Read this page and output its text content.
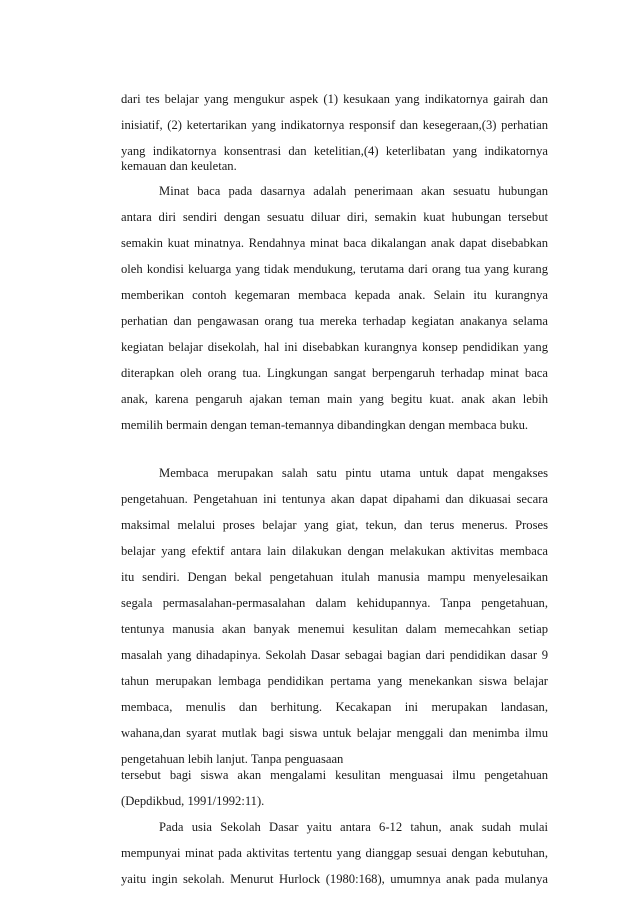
dari tes belajar yang mengukur aspek (1) kesukaan yang indikatornya gairah dan
inisiatif, (2) ketertarikan yang indikatornya responsif dan kesegeraan,(3) perhatian
yang indikatornya konsentrasi dan ketelitian,(4) keterlibatan yang indikatornya
kemauan dan keuletan.
Minat baca pada dasarnya adalah penerimaan akan sesuatu hubungan
antara diri sendiri dengan sesuatu diluar diri, semakin kuat hubungan tersebut
semakin kuat minatnya. Rendahnya minat baca dikalangan anak dapat disebabkan
oleh kondisi keluarga yang tidak mendukung, terutama dari orang tua yang kurang
memberikan contoh kegemaran membaca kepada anak. Selain itu kurangnya
perhatian dan pengawasan orang tua mereka terhadap kegiatan anakanya selama
kegiatan belajar disekolah, hal ini disebabkan kurangnya konsep pendidikan yang
diterapkan oleh orang tua. Lingkungan sangat berpengaruh terhadap minat baca
anak, karena pengaruh ajakan teman main yang begitu kuat. anak akan lebih
memilih bermain dengan teman-temannya dibandingkan dengan membaca buku.
Membaca merupakan salah satu pintu utama untuk dapat mengakses
pengetahuan. Pengetahuan ini tentunya akan dapat dipahami dan dikuasai secara
maksimal melalui proses belajar yang giat, tekun, dan terus menerus. Proses
belajar yang efektif antara lain dilakukan dengan melakukan aktivitas membaca
itu sendiri. Dengan bekal pengetahuan itulah manusia mampu menyelesaikan
segala permasalahan-permasalahan dalam kehidupannya. Tanpa pengetahuan,
tentunya manusia akan banyak menemui kesulitan dalam memecahkan setiap
masalah yang dihadapinya. Sekolah Dasar sebagai bagian dari pendidikan dasar 9
tahun merupakan lembaga pendidikan pertama yang menekankan siswa belajar
membaca, menulis dan berhitung. Kecakapan ini merupakan landasan,
wahana,dan syarat mutlak bagi siswa untuk belajar menggali dan menimba ilmu
pengetahuan lebih lanjut. Tanpa penguasaan
tersebut bagi siswa akan mengalami kesulitan menguasai ilmu pengetahuan
(Depdikbud, 1991/1992:11).
Pada usia Sekolah Dasar yaitu antara 6-12 tahun, anak sudah mulai
mempunyai minat pada aktivitas tertentu yang dianggap sesuai dengan kebutuhan,
yaitu ingin sekolah. Menurut Hurlock (1980:168), umumnya anak pada mulanya
